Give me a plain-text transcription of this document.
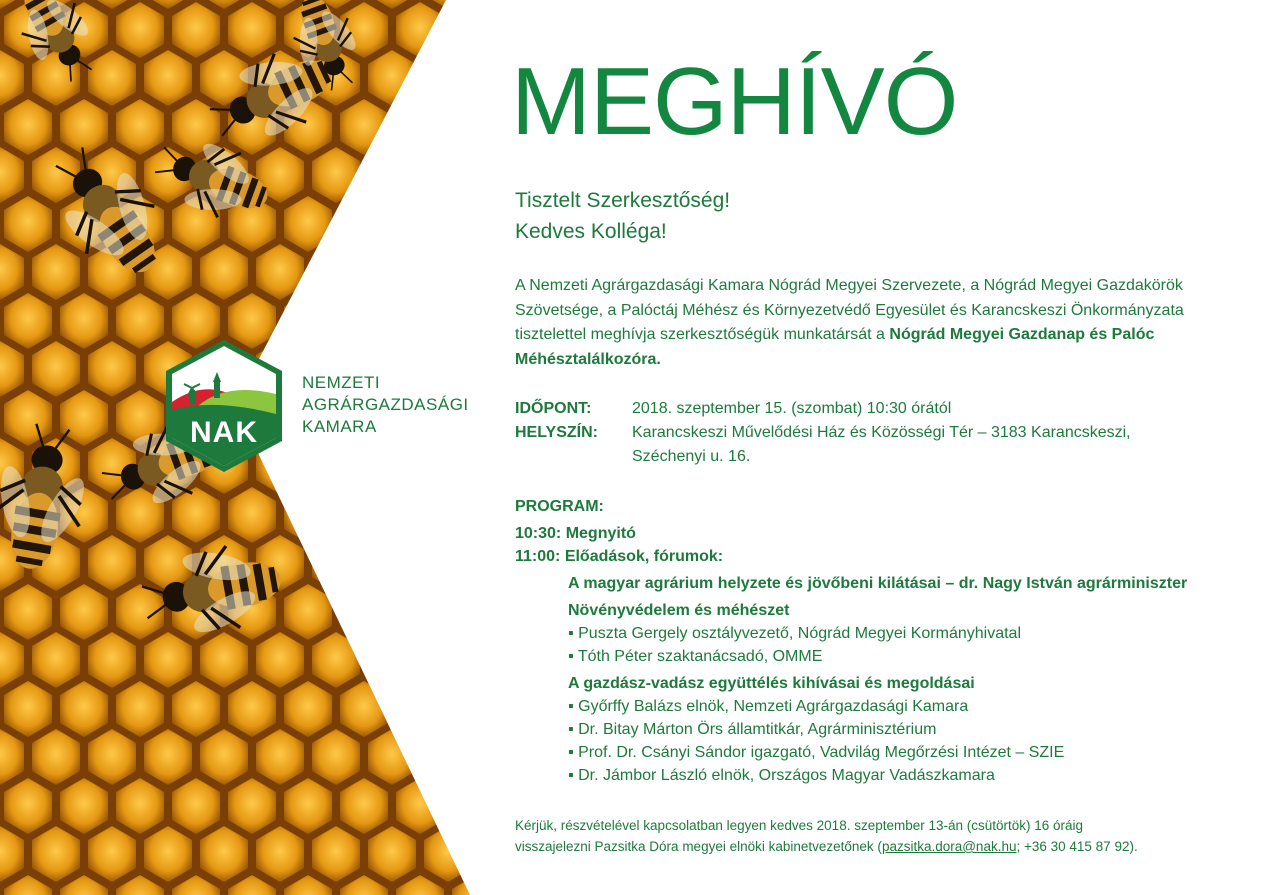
NAK
NEMZETI
AGRÁRGAZDASÁGI
KAMARA
MEGHÍVÓ
Tisztelt Szerkesztőség!
Kedves Kolléga!
A Nemzeti Agrárgazdasági Kamara Nógrád Megyei Szervezete, a Nógrád Megyei Gazdakörök Szövetsége, a Palóctáj Méhész és Környezetvédő Egyesület és Karancskeszi Önkormányzata tisztelettel meghívja szerkesztőségük munkatársát a Nógrád Megyei Gazdanap és Palóc Méhésztalálkozóra.
IDŐPONT:	2018. szeptember 15. (szombat) 10:30 órától
HELYSZÍN:	Karancskeszi Művelődési Ház és Közösségi Tér – 3183 Karancskeszi, Széchenyi u. 16.
PROGRAM:
10:30: Megnyitó
11:00: Előadások, fórumok:
A magyar agrárium helyzete és jövőbeni kilátásai – dr. Nagy István agrárminiszter
Növényvédelem és méhészet
▪ Puszta Gergely osztályvezető, Nógrád Megyei Kormányhivatal
▪ Tóth Péter szaktanácsadó, OMME
A gazdász-vadász együttélés kihívásai és megoldásai
▪ Győrffy Balázs elnök, Nemzeti Agrárgazdasági Kamara
▪ Dr. Bitay Márton Örs államtitkár, Agrárminisztérium
▪ Prof. Dr. Csányi Sándor igazgató, Vadvilág Megőrzési Intézet – SZIE
▪ Dr. Jámbor László elnök, Országos Magyar Vadászkamara
Kérjük, részvételével kapcsolatban legyen kedves 2018. szeptember 13-án (csütörtök) 16 óráig
visszajelezni Pazsitka Dóra megyei elnöki kabinetvezetőnek (pazsitka.dora@nak.hu; +36 30 415 87 92).
